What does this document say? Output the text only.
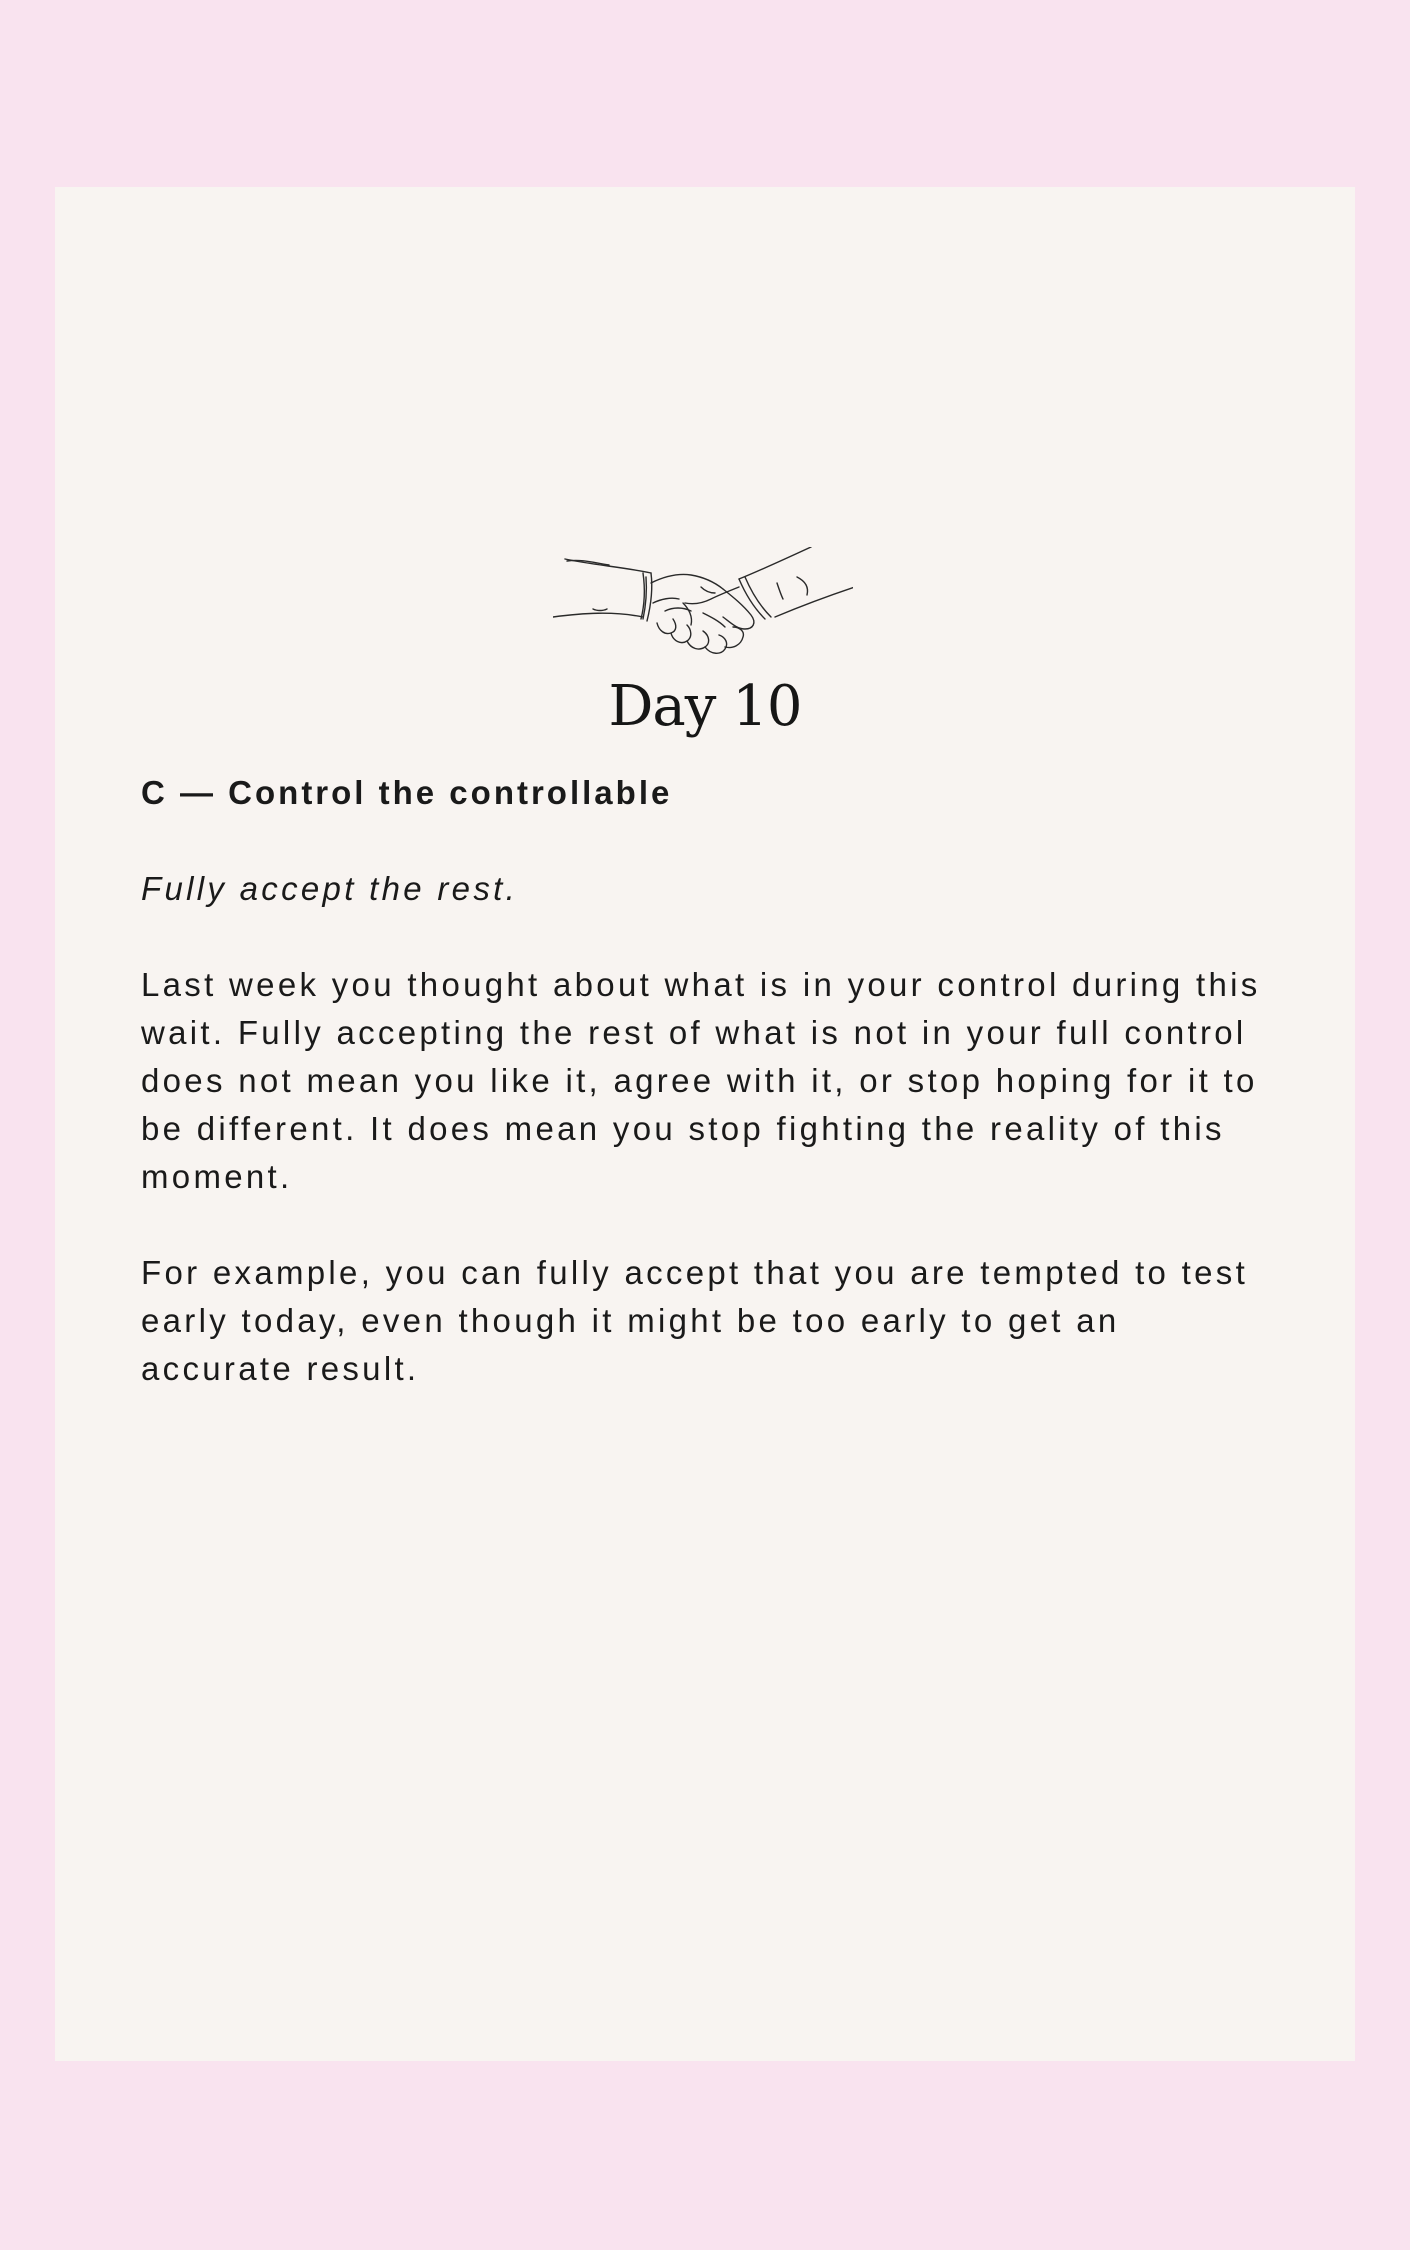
Day 10

C — Control the controllable

Fully accept the rest.

Last week you thought about what is in your control during this wait. Fully accepting the rest of what is not in your full control does not mean you like it, agree with it, or stop hoping for it to be different. It does mean you stop fighting the reality of this moment.

For example, you can fully accept that you are tempted to test early today, even though it might be too early to get an accurate result.
